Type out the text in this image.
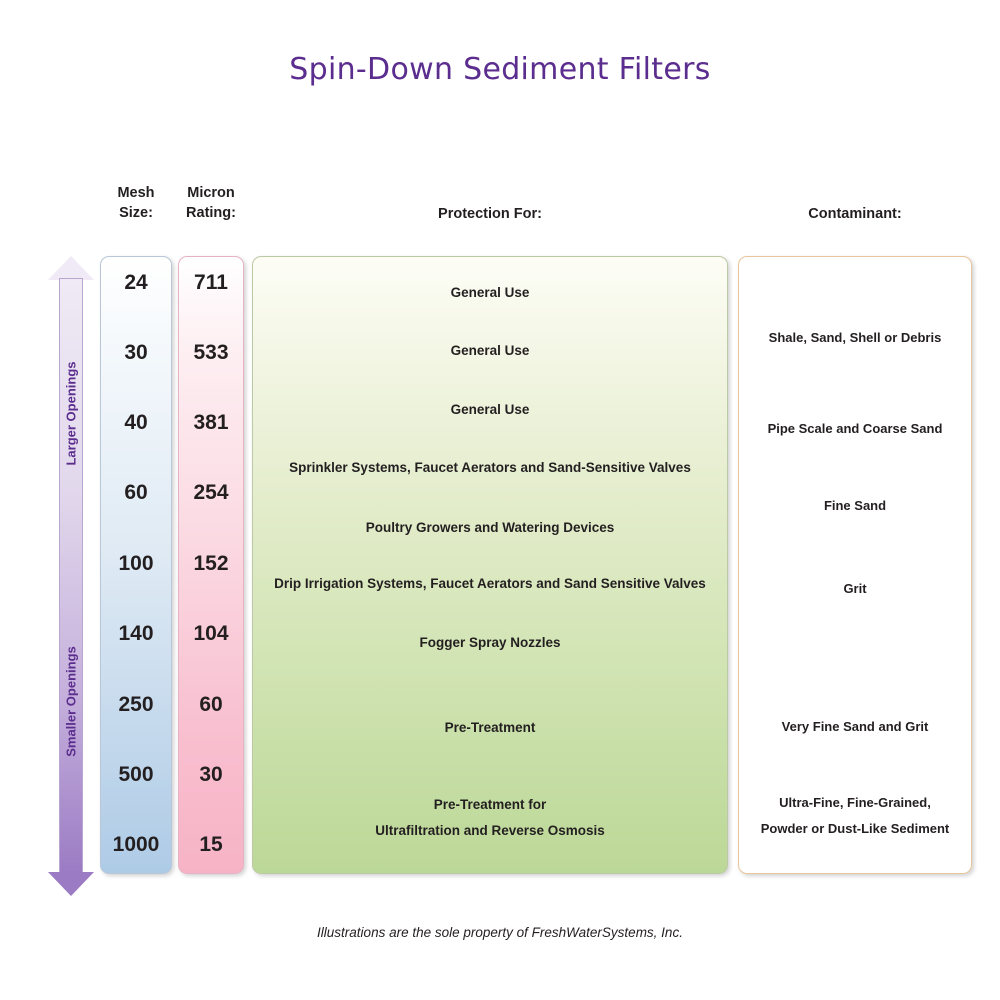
Spin-Down Sediment Filters
Mesh
Size:
Micron
Rating:	Protection For:	Contaminant:
Larger Openings
Smaller Openings
24
30
40
60
100
140
250
500
1000
711
533
381
254
152
104
60
30
15
General Use
General Use
General Use
Sprinkler Systems, Faucet Aerators and Sand-Sensitive Valves
Poultry Growers and Watering Devices
Drip Irrigation Systems, Faucet Aerators and Sand Sensitive Valves
Fogger Spray Nozzles
Pre-Treatment
Pre-Treatment for
Ultrafiltration and Reverse Osmosis
Shale, Sand, Shell or Debris
Pipe Scale and Coarse Sand
Fine Sand
Grit
Very Fine Sand and Grit
Ultra-Fine, Fine-Grained,
Powder or Dust-Like Sediment
Illustrations are the sole property of FreshWaterSystems, Inc.
